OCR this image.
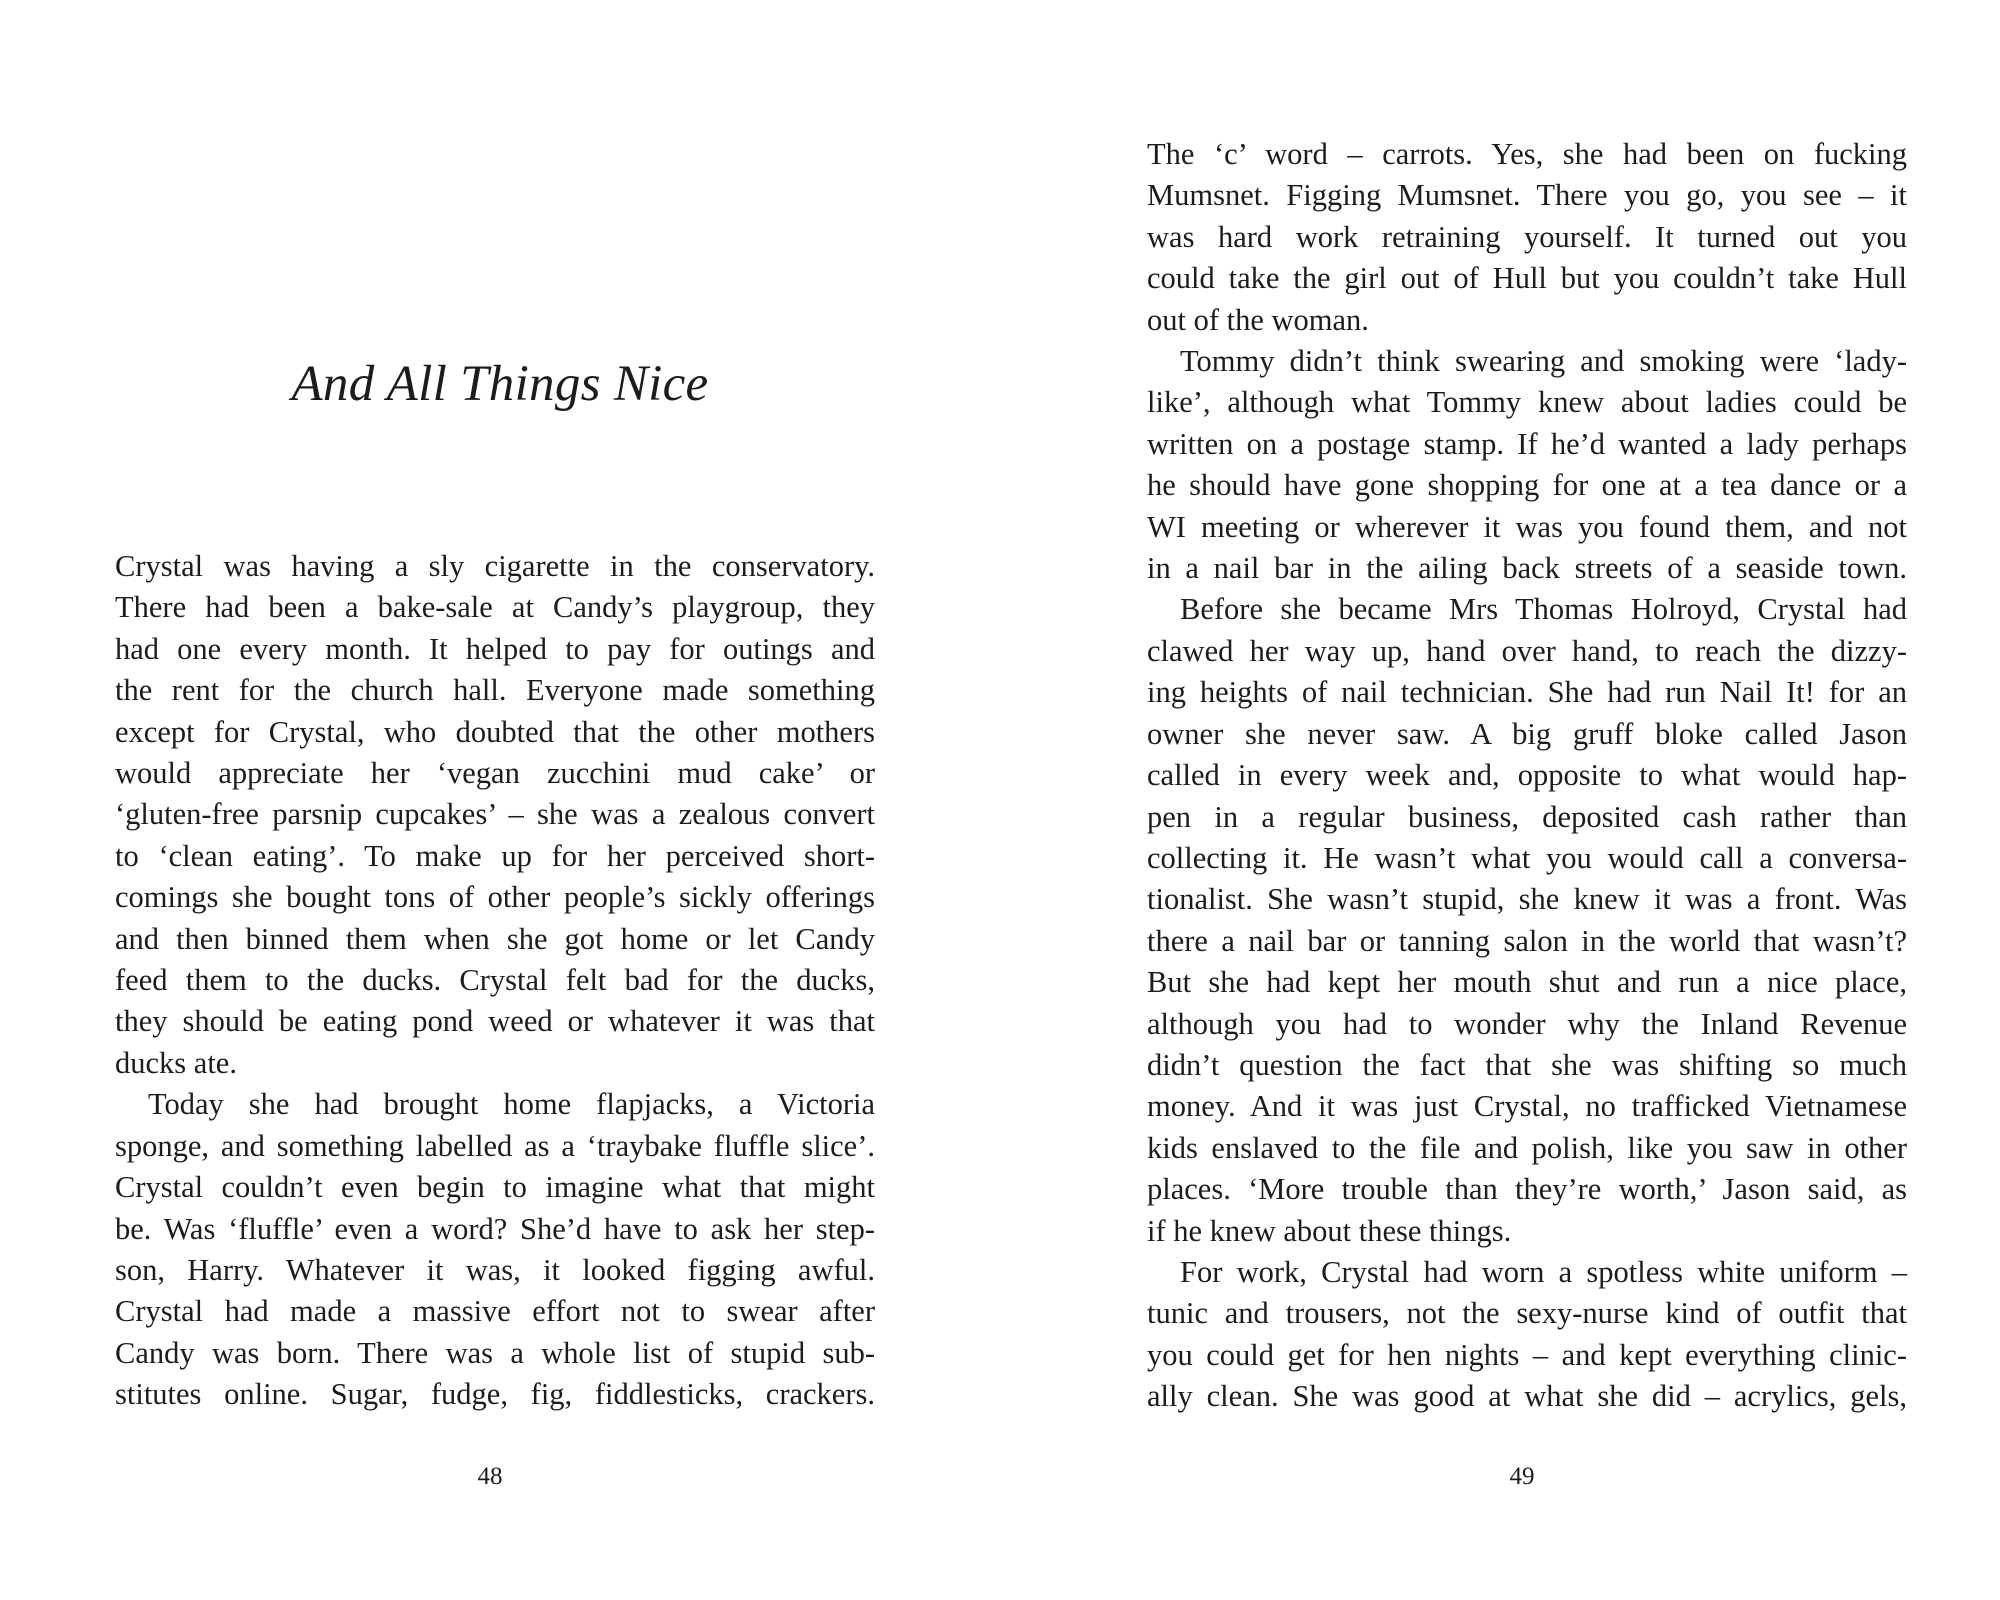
And All Things Nice
Crystal was having a sly cigarette in the conservatory.
There had been a bake-sale at Candy’s playgroup, they
had one every month. It helped to pay for outings and
the rent for the church hall. Everyone made something
except for Crystal, who doubted that the other mothers
would appreciate her ‘vegan zucchini mud cake’ or
‘gluten-free parsnip cupcakes’ – she was a zealous convert
to ‘clean eating’. To make up for her perceived short-
comings she bought tons of other people’s sickly offerings
and then binned them when she got home or let Candy
feed them to the ducks. Crystal felt bad for the ducks,
they should be eating pond weed or whatever it was that
ducks ate.
Today she had brought home flapjacks, a Victoria
sponge, and something labelled as a ‘traybake fluffle slice’.
Crystal couldn’t even begin to imagine what that might
be. Was ‘fluffle’ even a word? She’d have to ask her step-
son, Harry. Whatever it was, it looked figging awful.
Crystal had made a massive effort not to swear after
Candy was born. There was a whole list of stupid sub-
stitutes online. Sugar, fudge, fig, fiddlesticks, crackers.
48
The ‘c’ word – carrots. Yes, she had been on fucking
Mumsnet. Figging Mumsnet. There you go, you see – it
was hard work retraining yourself. It turned out you
could take the girl out of Hull but you couldn’t take Hull
out of the woman.
Tommy didn’t think swearing and smoking were ‘lady-
like’, although what Tommy knew about ladies could be
written on a postage stamp. If he’d wanted a lady perhaps
he should have gone shopping for one at a tea dance or a
WI meeting or wherever it was you found them, and not
in a nail bar in the ailing back streets of a seaside town.
Before she became Mrs Thomas Holroyd, Crystal had
clawed her way up, hand over hand, to reach the dizzy-
ing heights of nail technician. She had run Nail It! for an
owner she never saw. A big gruff bloke called Jason
called in every week and, opposite to what would hap-
pen in a regular business, deposited cash rather than
collecting it. He wasn’t what you would call a conversa-
tionalist. She wasn’t stupid, she knew it was a front. Was
there a nail bar or tanning salon in the world that wasn’t?
But she had kept her mouth shut and run a nice place,
although you had to wonder why the Inland Revenue
didn’t question the fact that she was shifting so much
money. And it was just Crystal, no trafficked Vietnamese
kids enslaved to the file and polish, like you saw in other
places. ‘More trouble than they’re worth,’ Jason said, as
if he knew about these things.
For work, Crystal had worn a spotless white uniform –
tunic and trousers, not the sexy-nurse kind of outfit that
you could get for hen nights – and kept everything clinic-
ally clean. She was good at what she did – acrylics, gels,
49
